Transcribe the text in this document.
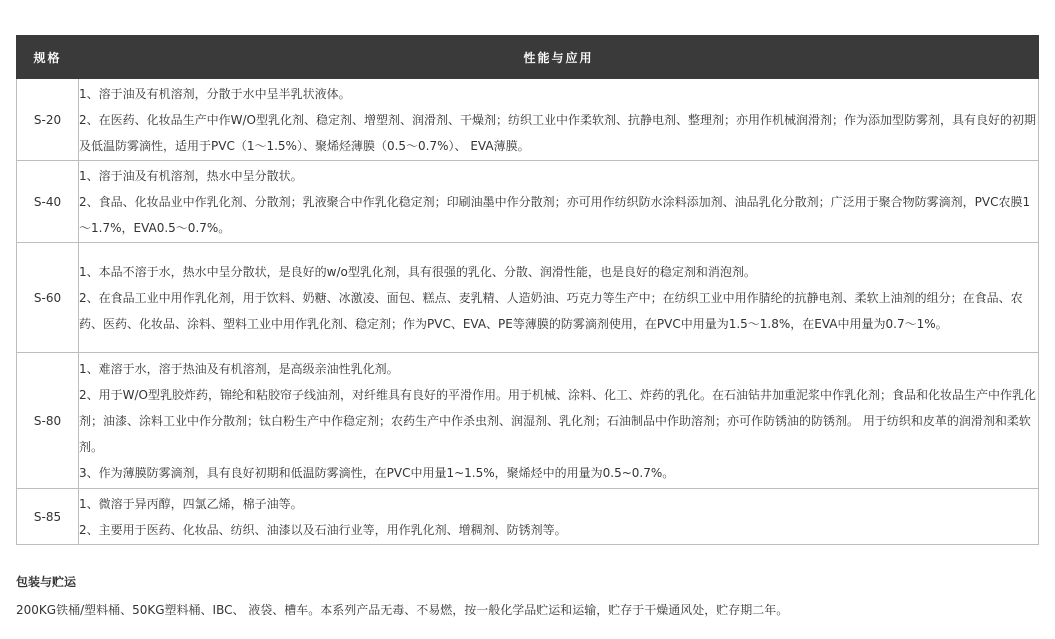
规格	性能与应用
S-20	1、溶于油及有机溶剂，分散于水中呈半乳状液体。
2、在医药、化妆品生产中作W/O型乳化剂、稳定剂、增塑剂、润滑剂、干燥剂；纺织工业中作柔软剂、抗静电剂、整理剂；亦用作机械润滑剂；作为添加型防雾剂，具有良好的初期及低温防雾滴性，适用于PVC（1～1.5%）、聚烯烃薄膜（0.5～0.7%）、 EVA薄膜。

S-40	1、溶于油及有机溶剂，热水中呈分散状。
2、食品、化妆品业中作乳化剂、分散剂；乳液聚合中作乳化稳定剂；印刷油墨中作分散剂；亦可用作纺织防水涂料添加剂、油品乳化分散剂；广泛用于聚合物防雾滴剂，PVC农膜1～1.7%，EVA0.5～0.7%。

S-60	1、本品不溶于水，热水中呈分散状，是良好的w/o型乳化剂，具有很强的乳化、分散、润滑性能，也是良好的稳定剂和消泡剂。
2、在食品工业中用作乳化剂，用于饮料、奶糖、冰激凌、面包、糕点、麦乳精、人造奶油、巧克力等生产中；在纺织工业中用作腈纶的抗静电剂、柔软上油剂的组分；在食品、农药、医药、化妆品、涂料、塑料工业中用作乳化剂、稳定剂；作为PVC、EVA、PE等薄膜的防雾滴剂使用，在PVC中用量为1.5～1.8%，在EVA中用量为0.7～1%。

S-80	1、难溶于水，溶于热油及有机溶剂，是高级亲油性乳化剂。
2、用于W/O型乳胶炸药，锦纶和粘胶帘子线油剂，对纤维具有良好的平滑作用。用于机械、涂料、化工、炸药的乳化。在石油钻井加重泥浆中作乳化剂；食品和化妆品生产中作乳化剂；油漆、涂料工业中作分散剂；钛白粉生产中作稳定剂；农药生产中作杀虫剂、润湿剂、乳化剂；石油制品中作助溶剂；亦可作防锈油的防锈剂。 用于纺织和皮革的润滑剂和柔软剂。
3、作为薄膜防雾滴剂，具有良好初期和低温防雾滴性，在PVC中用量1~1.5%，聚烯烃中的用量为0.5~0.7%。

S-85	1、微溶于异丙醇，四氯乙烯，棉子油等。
2、主要用于医药、化妆品、纺织、油漆以及石油行业等，用作乳化剂、增稠剂、防锈剂等。

包装与贮运

200KG铁桶/塑料桶、50KG塑料桶、IBC、 液袋、槽车。本系列产品无毒、不易燃，按一般化学品贮运和运输，贮存于干燥通风处，贮存期二年。
